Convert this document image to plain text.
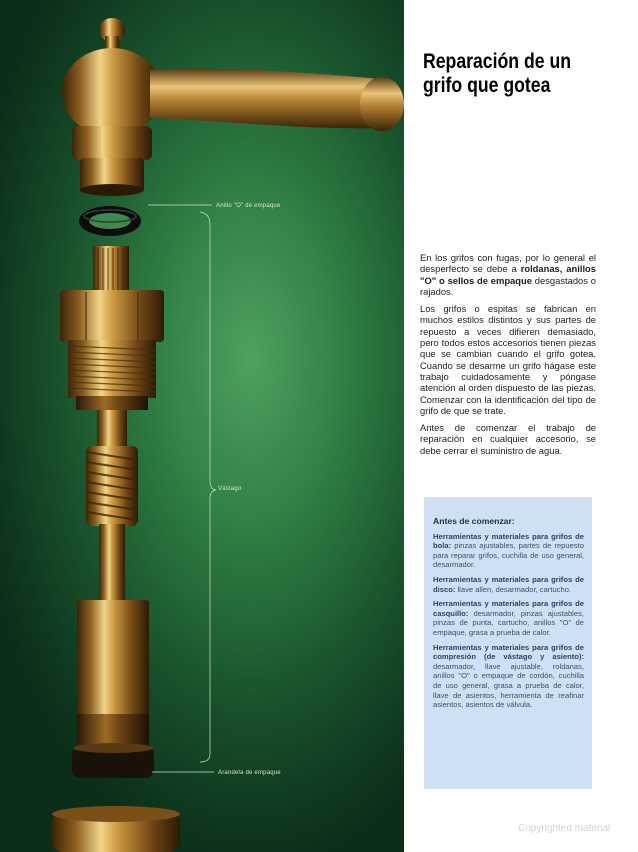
Anillo "O" de empaque
Vástago
Arandela de empaque
Reparación de un
grifo que gotea

En los grifos con fugas, por lo general el desperfecto se debe a roldanas, anillos "O" o sellos de empaque desgastados o rajados.

Los grifos o espitas se fabrican en muchos estilos distintos y sus partes de repuesto a veces difieren demasiado, pero todos estos accesorios tienen piezas que se cambian cuando el grifo gotea. Cuando se desarme un grifo hágase este trabajo cuidadosamente y póngase atención al orden dispuesto de las piezas. Comenzar con la identificación del tipo de grifo de que se trate.

Antes de comenzar el trabajo de reparación en cualquier accesorio, se debe cerrar el suministro de agua.

Antes de comenzar:

Herramientas y materiales para grifos de bola: pinzas ajustables, partes de repuesto para reparar grifos, cuchilla de uso general, desarmador.

Herramientas y materiales para grifos de disco: llave allen, desarmador, cartucho.

Herramientas y materiales para grifos de casquillo: desarmador, pinzas ajustables, pinzas de punta, cartucho, anillos "O" de empaque, grasa a prueba de calor.

Herramientas y materiales para grifos de compresión (de vástago y asiento): desarmador, llave ajustable, roldanas, anillos "O" o empaque de cordón, cuchilla de uso general, grasa a prueba de calor, llave de asientos, herramienta de reafinar asientos, asientos de válvula.

Copyrighted material
